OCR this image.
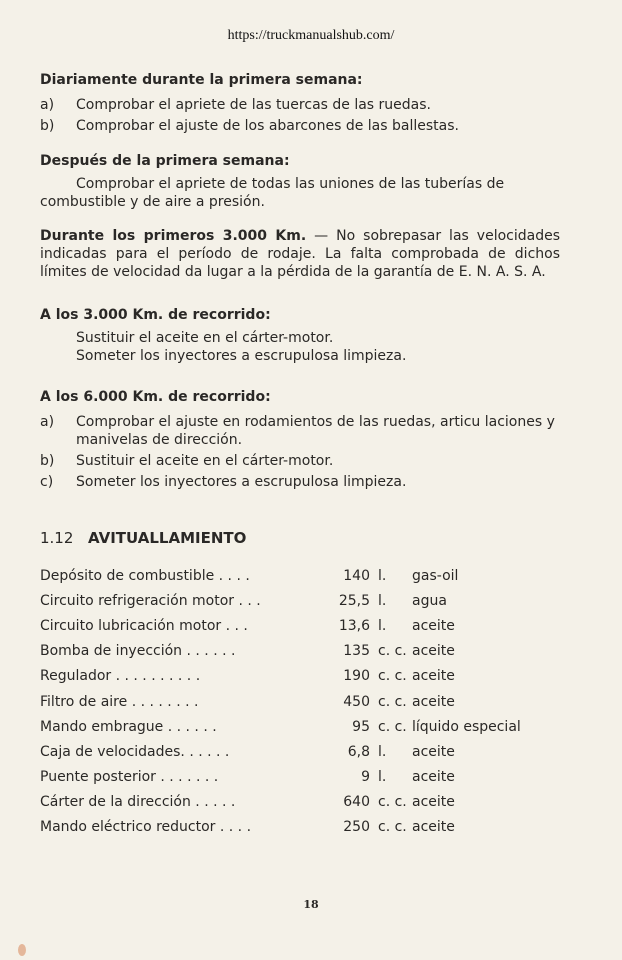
https://truckmanualshub.com/

Diariamente durante la primera semana:

a)	Comprobar el apriete de las tuercas de las ruedas.
b)	Comprobar el ajuste de los abarcones de las ballestas.

Después de la primera semana:

Comprobar el apriete de todas las uniones de las tuberías de

combustible y de aire a presión.

Durante los primeros 3.000 Km. — No sobrepasar las velocidades indicadas para el período de rodaje. La falta comprobada de dichos límites de velocidad da lugar a la pérdida de la garantía de E. N. A. S. A.

A los 3.000 Km. de recorrido:

Sustituir el aceite en el cárter-motor.

Someter los inyectores a escrupulosa limpieza.

A los 6.000 Km. de recorrido:

a)	Comprobar el ajuste en rodamientos de las ruedas, articu laciones y manivelas de dirección.
b)	Sustituir el aceite en el cárter-motor.
c)	Someter los inyectores a escrupulosa limpieza.

1.12 AVITUALLAMIENTO

Depósito de combustible . . . .	140	l.	gas-oil
Circuito refrigeración motor . . .	25,5	l.	agua
Circuito lubricación motor . . .	13,6	l.	aceite
Bomba de inyección . . . . . .	135	c. c.	aceite
Regulador . . . . . . . . . .	190	c. c.	aceite
Filtro de aire . . . . . . . .	450	c. c.	aceite
Mando embrague . . . . . .	95	c. c.	líquido especial
Caja de velocidades. . . . . .	6,8	l.	aceite
Puente posterior . . . . . . .	9	l.	aceite
Cárter de la dirección . . . . .	640	c. c.	aceite
Mando eléctrico reductor . . . .	250	c. c.	aceite
18
